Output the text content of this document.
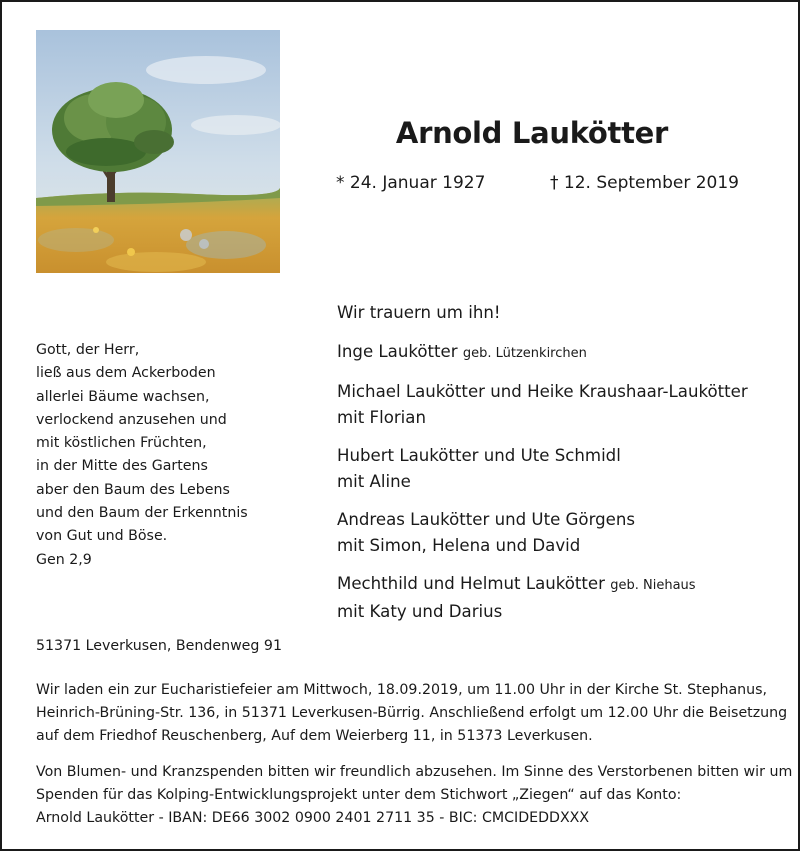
Arnold Laukötter
* 24. Januar 1927	† 12. September 2019
Gott, der Herr,
ließ aus dem Ackerboden
allerlei Bäume wachsen,
verlockend anzusehen und
mit köstlichen Früchten,
in der Mitte des Gartens
aber den Baum des Lebens
und den Baum der Erkenntnis
von Gut und Böse.
Gen 2,9
Wir trauern um ihn!
Inge Laukötter geb. Lützenkirchen
Michael Laukötter und Heike Kraushaar-Laukötter
mit Florian
Hubert Laukötter und Ute Schmidl
mit Aline
Andreas Laukötter und Ute Görgens
mit Simon, Helena und David
Mechthild und Helmut Laukötter geb. Niehaus
mit Katy und Darius
51371 Leverkusen, Bendenweg 91
Wir laden ein zur Eucharistiefeier am Mittwoch, 18.09.2019, um 11.00 Uhr in der Kirche St. Stephanus,
Heinrich-Brüning-Str. 136, in 51371 Leverkusen-Bürrig. Anschließend erfolgt um 12.00 Uhr die Beisetzung
auf dem Friedhof Reuschenberg, Auf dem Weierberg 11, in 51373 Leverkusen.
Von Blumen- und Kranzspenden bitten wir freundlich abzusehen. Im Sinne des Verstorbenen bitten wir um
Spenden für das Kolping-Entwicklungsprojekt unter dem Stichwort „Ziegen“ auf das Konto:
Arnold Laukötter - IBAN: DE66 3002 0900 2401 2711 35 - BIC: CMCIDEDDXXX
